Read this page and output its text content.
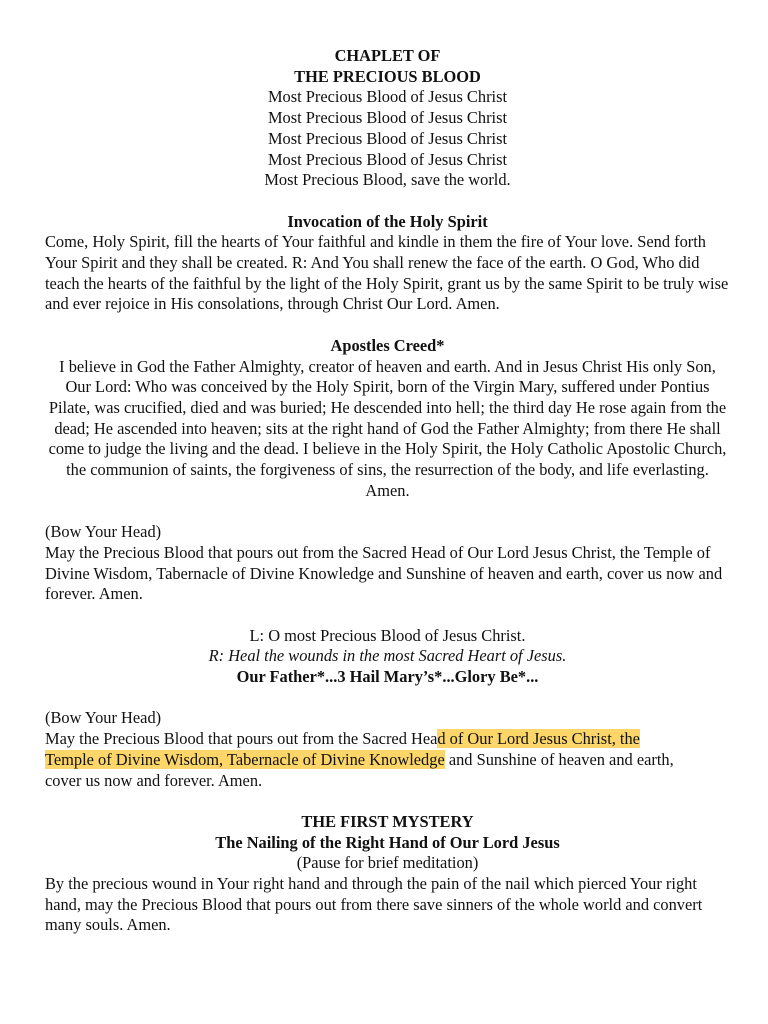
CHAPLET OF
THE PRECIOUS BLOOD
Most Precious Blood of Jesus Christ
Most Precious Blood of Jesus Christ
Most Precious Blood of Jesus Christ
Most Precious Blood of Jesus Christ
Most Precious Blood, save the world.
Invocation of the Holy Spirit

Come, Holy Spirit, fill the hearts of Your faithful and kindle in them the fire of Your love. Send forth Your Spirit and they shall be created. R: And You shall renew the face of the earth. O God, Who did teach the hearts of the faithful by the light of the Holy Spirit, grant us by the same Spirit to be truly wise and ever rejoice in His consolations, through Christ Our Lord. Amen.

Apostles Creed*

I believe in God the Father Almighty, creator of heaven and earth. And in Jesus Christ His only Son, Our Lord: Who was conceived by the Holy Spirit, born of the Virgin Mary, suffered under Pontius Pilate, was crucified, died and was buried; He descended into hell; the third day He rose again from the dead; He ascended into heaven; sits at the right hand of God the Father Almighty; from there He shall come to judge the living and the dead. I believe in the Holy Spirit, the Holy Catholic Apostolic Church, the communion of saints, the forgiveness of sins, the resurrection of the body, and life everlasting. Amen.

(Bow Your Head)

May the Precious Blood that pours out from the Sacred Head of Our Lord Jesus Christ, the Temple of Divine Wisdom, Tabernacle of Divine Knowledge and Sunshine of heaven and earth, cover us now and forever. Amen.

L: O most Precious Blood of Jesus Christ.
R: Heal the wounds in the most Sacred Heart of Jesus.
Our Father*...3 Hail Mary’s*...Glory Be*...
(Bow Your Head)
May the Precious Blood that pours out from the Sacred Head of Our Lord Jesus Christ, the
Temple of Divine Wisdom, Tabernacle of Divine Knowledge and Sunshine of heaven and earth,
cover us now and forever. Amen.
THE FIRST MYSTERY
The Nailing of the Right Hand of Our Lord Jesus
(Pause for brief meditation)

By the precious wound in Your right hand and through the pain of the nail which pierced Your right hand, may the Precious Blood that pours out from there save sinners of the whole world and convert many souls. Amen.
